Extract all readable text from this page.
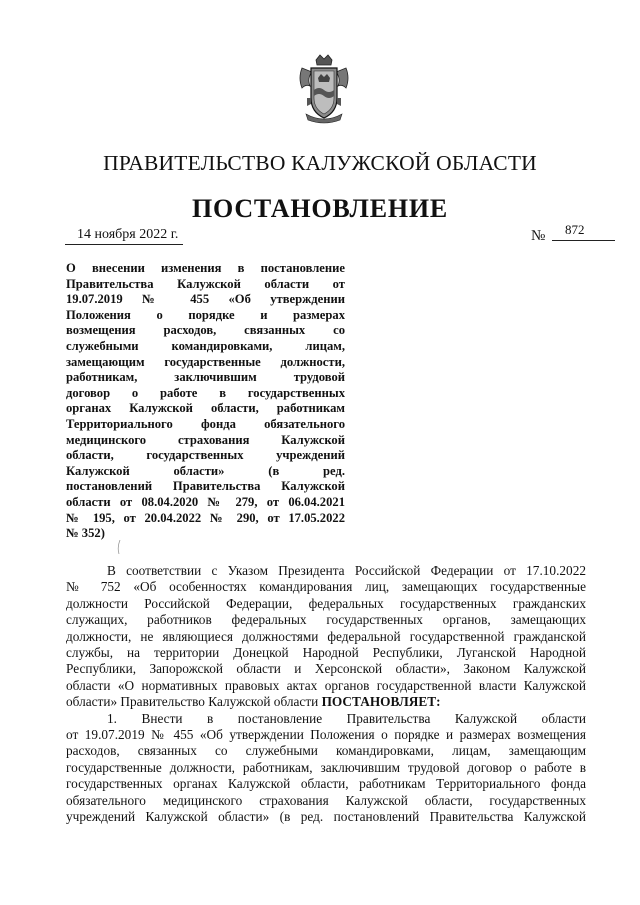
ПРАВИТЕЛЬСТВО КАЛУЖСКОЙ ОБЛАСТИ
ПОСТАНОВЛЕНИЕ
14 ноября 2022 г.	№	872
О внесении изменения в постановление
Правительства Калужской области от
19.07.2019 № 455 «Об утверждении
Положения о порядке и размерах
возмещения расходов, связанных со
служебными командировками, лицам,
замещающим государственные должности,
работникам, заключившим трудовой
договор о работе в государственных
органах Калужской области, работникам
Территориального фонда обязательного
медицинского страхования Калужской
области, государственных учреждений
Калужской области» (в ред.
постановлений Правительства Калужской
области от 08.04.2020 № 279, от 06.04.2021
№ 195, от 20.04.2022 № 290, от 17.05.2022
№ 352)
В соответствии с Указом Президента Российской Федерации от 17.10.2022
№ 752 «Об особенностях командирования лиц, замещающих государственные
должности Российской Федерации, федеральных государственных гражданских
служащих, работников федеральных государственных органов, замещающих
должности, не являющиеся должностями федеральной государственной гражданской
службы, на территории Донецкой Народной Республики, Луганской Народной
Республики, Запорожской области и Херсонской области», Законом Калужской
области «О нормативных правовых актах органов государственной власти Калужской
области» Правительство Калужской области ПОСТАНОВЛЯЕТ:
1. Внести в постановление Правительства Калужской области
от 19.07.2019 № 455 «Об утверждении Положения о порядке и размерах возмещения
расходов, связанных со служебными командировками, лицам, замещающим
государственные должности, работникам, заключившим трудовой договор о работе в
государственных органах Калужской области, работникам Территориального фонда
обязательного медицинского страхования Калужской области, государственных
учреждений Калужской области» (в ред. постановлений Правительства Калужской
